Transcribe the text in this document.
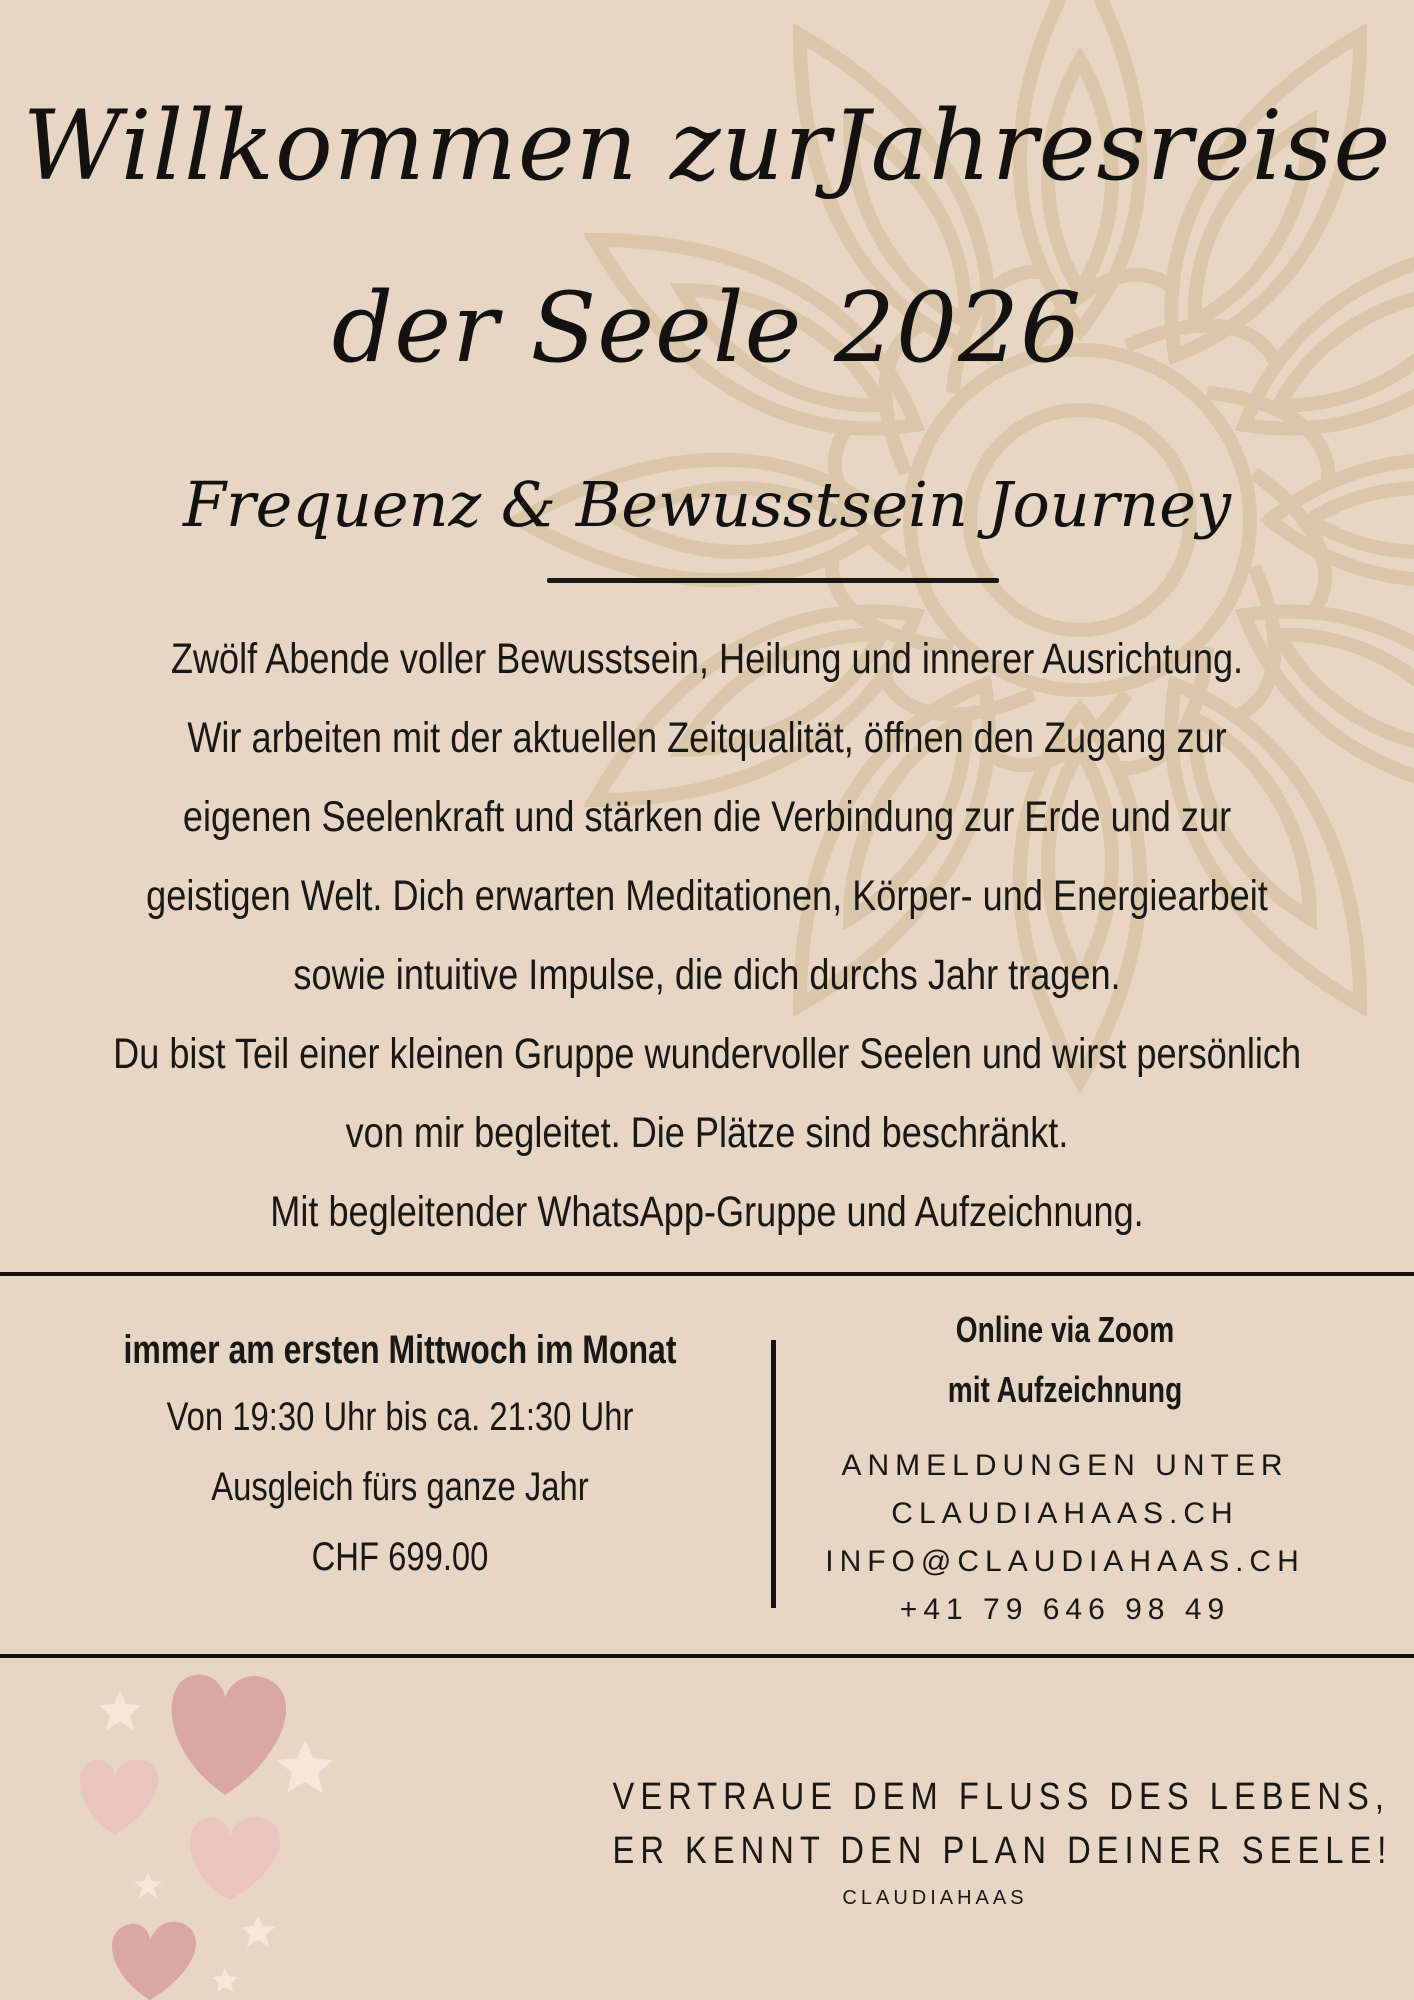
Willkommen zurJahresreise
der Seele 2026
Frequenz & Bewusstsein Journey
Zwölf Abende voller Bewusstsein, Heilung und innerer Ausrichtung.
Wir arbeiten mit der aktuellen Zeitqualität, öffnen den Zugang zur
eigenen Seelenkraft und stärken die Verbindung zur Erde und zur
geistigen Welt. Dich erwarten Meditationen, Körper- und Energiearbeit
sowie intuitive Impulse, die dich durchs Jahr tragen.
Du bist Teil einer kleinen Gruppe wundervoller Seelen und wirst persönlich
von mir begleitet. Die Plätze sind beschränkt.
Mit begleitender WhatsApp-Gruppe und Aufzeichnung.
immer am ersten Mittwoch im Monat
Von 19:30 Uhr bis ca. 21:30 Uhr
Ausgleich fürs ganze Jahr
CHF 699.00
Online via Zoom
mit Aufzeichnung
ANMELDUNGEN UNTER
CLAUDIAHAAS.CH
INFO@CLAUDIAHAAS.CH
+41 79 646 98 49
VERTRAUE DEM FLUSS DES LEBENS,
ER KENNT DEN PLAN DEINER SEELE!
CLAUDIAHAAS
